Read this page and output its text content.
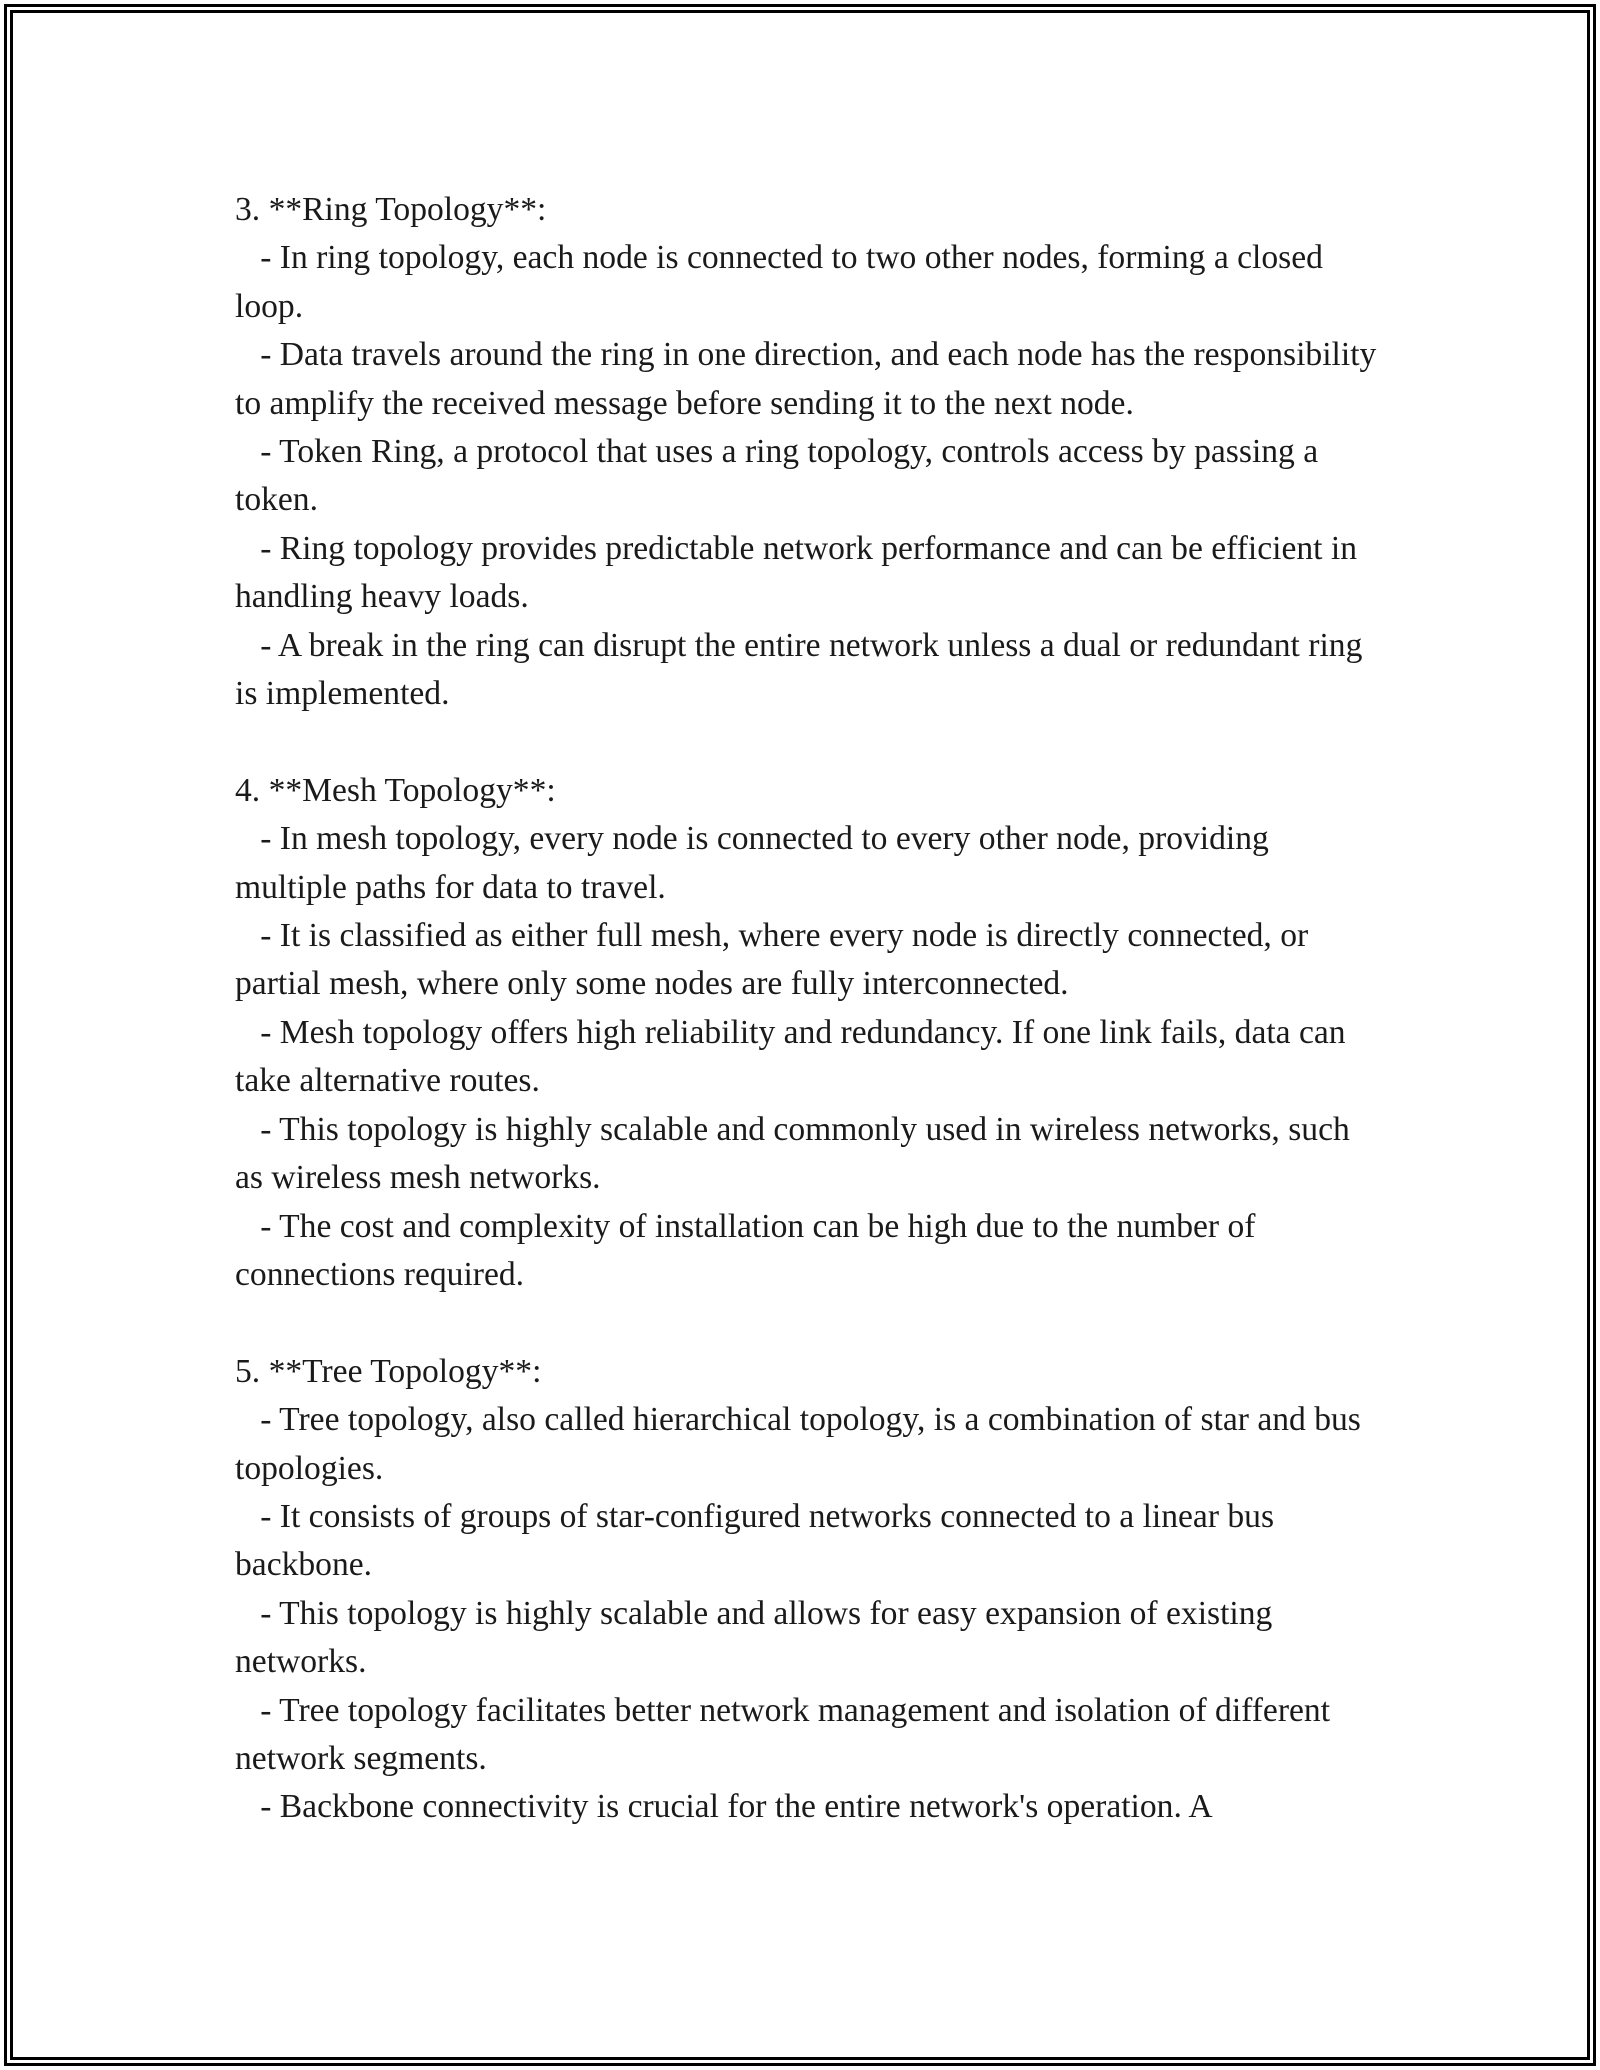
3. **Ring Topology**:

- In ring topology, each node is connected to two other nodes, forming a closed loop.

- Data travels around the ring in one direction, and each node has the responsibility to amplify the received message before sending it to the next node.

- Token Ring, a protocol that uses a ring topology, controls access by passing a token.

- Ring topology provides predictable network performance and can be efficient in handling heavy loads.

- A break in the ring can disrupt the entire network unless a dual or redundant ring is implemented.

4. **Mesh Topology**:

- In mesh topology, every node is connected to every other node, providing multiple paths for data to travel.

- It is classified as either full mesh, where every node is directly connected, or partial mesh, where only some nodes are fully interconnected.

- Mesh topology offers high reliability and redundancy. If one link fails, data can take alternative routes.

- This topology is highly scalable and commonly used in wireless networks, such as wireless mesh networks.

- The cost and complexity of installation can be high due to the number of connections required.

5. **Tree Topology**:

- Tree topology, also called hierarchical topology, is a combination of star and bus topologies.

- It consists of groups of star-configured networks connected to a linear bus backbone.

- This topology is highly scalable and allows for easy expansion of existing networks.

- Tree topology facilitates better network management and isolation of different network segments.

- Backbone connectivity is crucial for the entire network's operation. A
